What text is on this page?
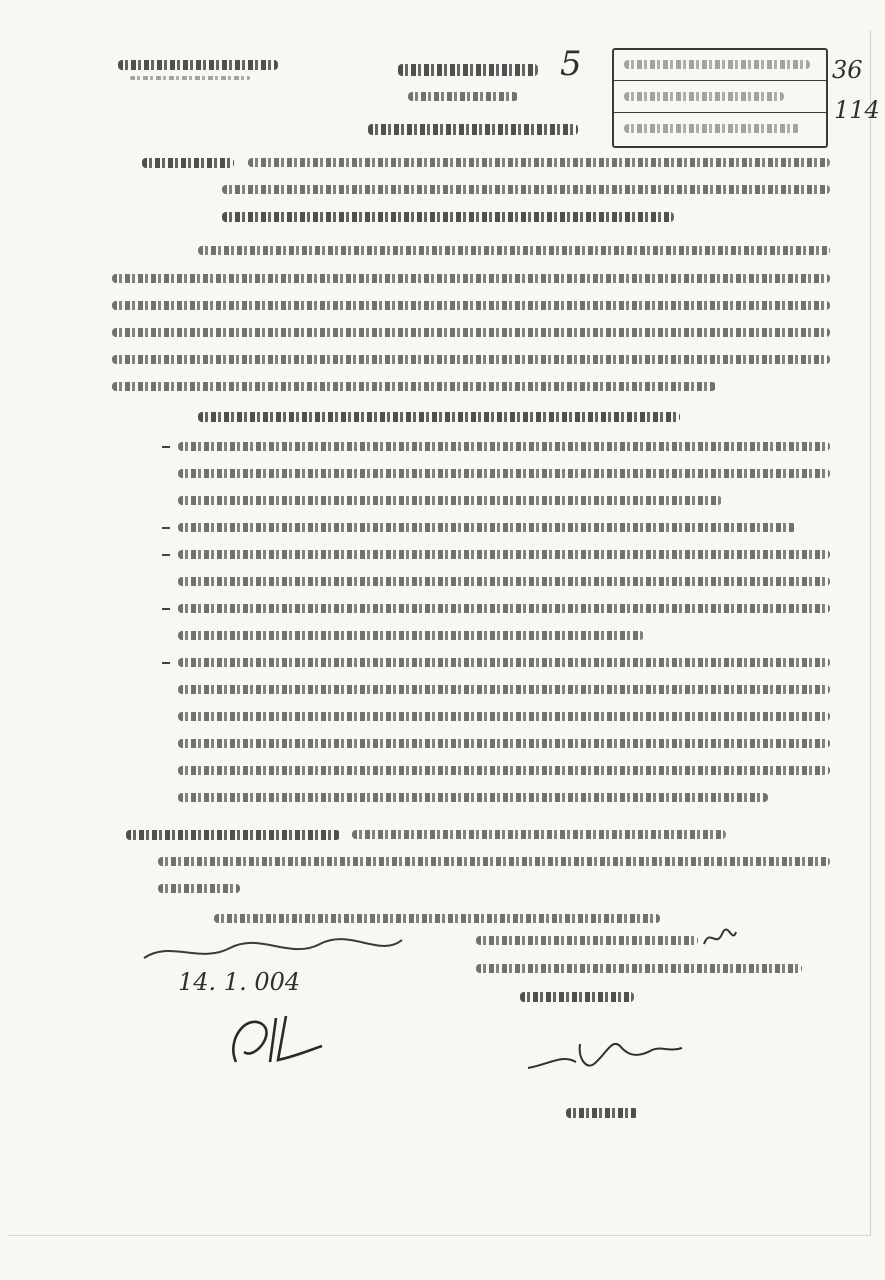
5	36
114
14. 1. 004
